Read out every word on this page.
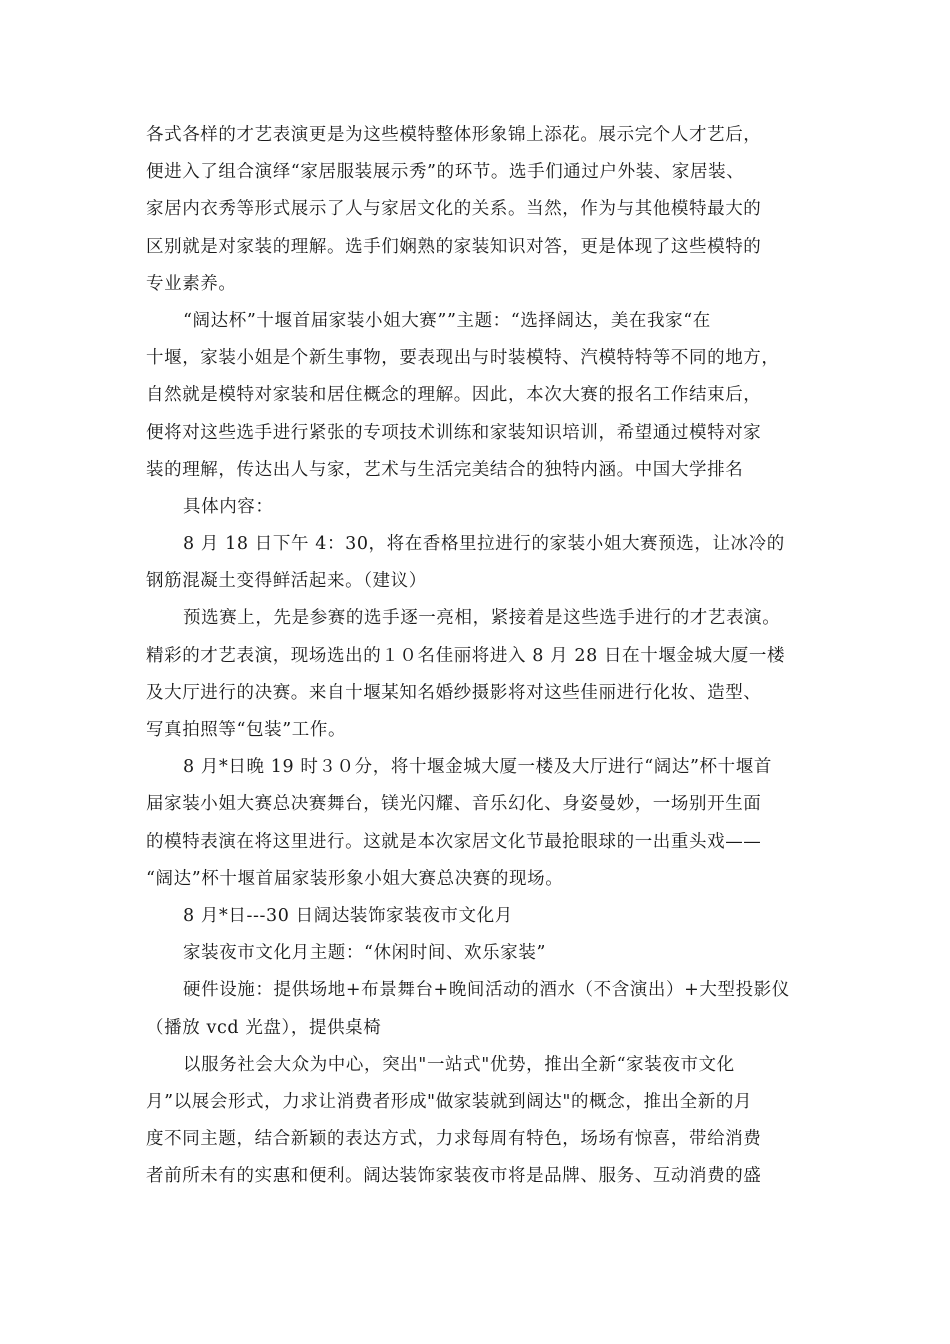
各式各样的才艺表演更是为这些模特整体形象锦上添花。展示完个人才艺后，
便进入了组合演绎“家居服装展示秀”的环节。选手们通过户外装、家居装、
家居内衣秀等形式展示了人与家居文化的关系。当然，作为与其他模特最大的
区别就是对家装的理解。选手们娴熟的家装知识对答，更是体现了这些模特的
专业素养。
“阔达杯”十堰首届家装小姐大赛””主题：“选择阔达，美在我家“在
十堰，家装小姐是个新生事物，要表现出与时装模特、汽模特特等不同的地方，
自然就是模特对家装和居住概念的理解。因此，本次大赛的报名工作结束后，
便将对这些选手进行紧张的专项技术训练和家装知识培训，希望通过模特对家
装的理解，传达出人与家，艺术与生活完美结合的独特内涵。中国大学排名
具体内容：
8 月 18 日下午 4：30，将在香格里拉进行的家装小姐大赛预选，让冰冷的
钢筋混凝土变得鲜活起来。（建议）
预选赛上，先是参赛的选手逐一亮相，紧接着是这些选手进行的才艺表演。
精彩的才艺表演，现场选出的１０名佳丽将进入 8 月 28 日在十堰金城大厦一楼
及大厅进行的决赛。来自十堰某知名婚纱摄影将对这些佳丽进行化妆、造型、
写真拍照等“包装”工作。
8 月*日晚 19 时３０分，将十堰金城大厦一楼及大厅进行“阔达”杯十堰首
届家装小姐大赛总决赛舞台，镁光闪耀、音乐幻化、身姿曼妙，一场别开生面
的模特表演在将这里进行。这就是本次家居文化节最抢眼球的一出重头戏——
“阔达”杯十堰首届家装形象小姐大赛总决赛的现场。
8 月*日---30 日阔达装饰家装夜市文化月
家装夜市文化月主题：“休闲时间、欢乐家装”
硬件设施：提供场地+布景舞台+晚间活动的酒水（不含演出）+大型投影仪
（播放 vcd 光盘），提供桌椅
以服务社会大众为中心，突出"一站式"优势，推出全新“家装夜市文化
月”以展会形式，力求让消费者形成"做家装就到阔达"的概念，推出全新的月
度不同主题，结合新颖的表达方式，力求每周有特色，场场有惊喜，带给消费
者前所未有的实惠和便利。阔达装饰家装夜市将是品牌、服务、互动消费的盛
